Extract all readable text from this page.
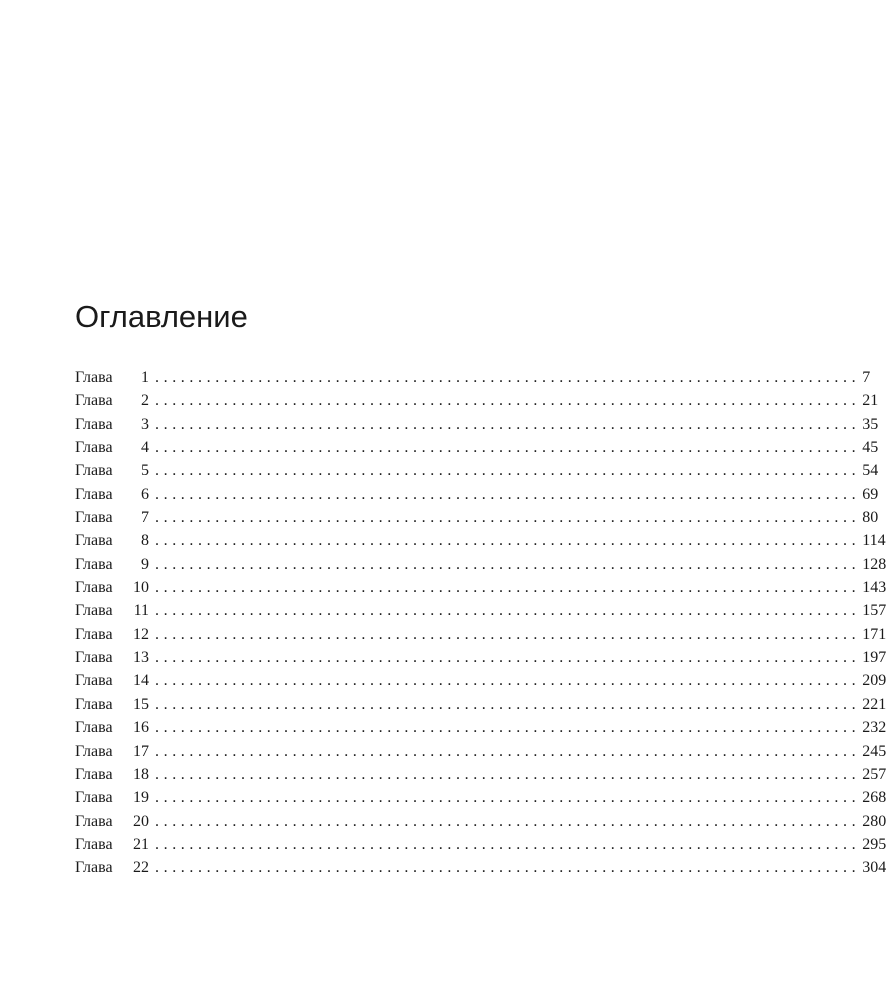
Оглавление
Глава	1 .................................................................................. 7
Глава	2 .................................................................................. 21
Глава	3 .................................................................................. 35
Глава	4 .................................................................................. 45
Глава	5 .................................................................................. 54
Глава	6 .................................................................................. 69
Глава	7 .................................................................................. 80
Глава	8 .................................................................................. 114
Глава	9 .................................................................................. 128
Глава 10 .................................................................................. 143
Глава 11 .................................................................................. 157
Глава 12 .................................................................................. 171
Глава 13 .................................................................................. 197
Глава 14 .................................................................................. 209
Глава 15 .................................................................................. 221
Глава 16 .................................................................................. 232
Глава 17 .................................................................................. 245
Глава 18 .................................................................................. 257
Глава 19 .................................................................................. 268
Глава 20 .................................................................................. 280
Глава 21 .................................................................................. 295
Глава 22 .................................................................................. 304
